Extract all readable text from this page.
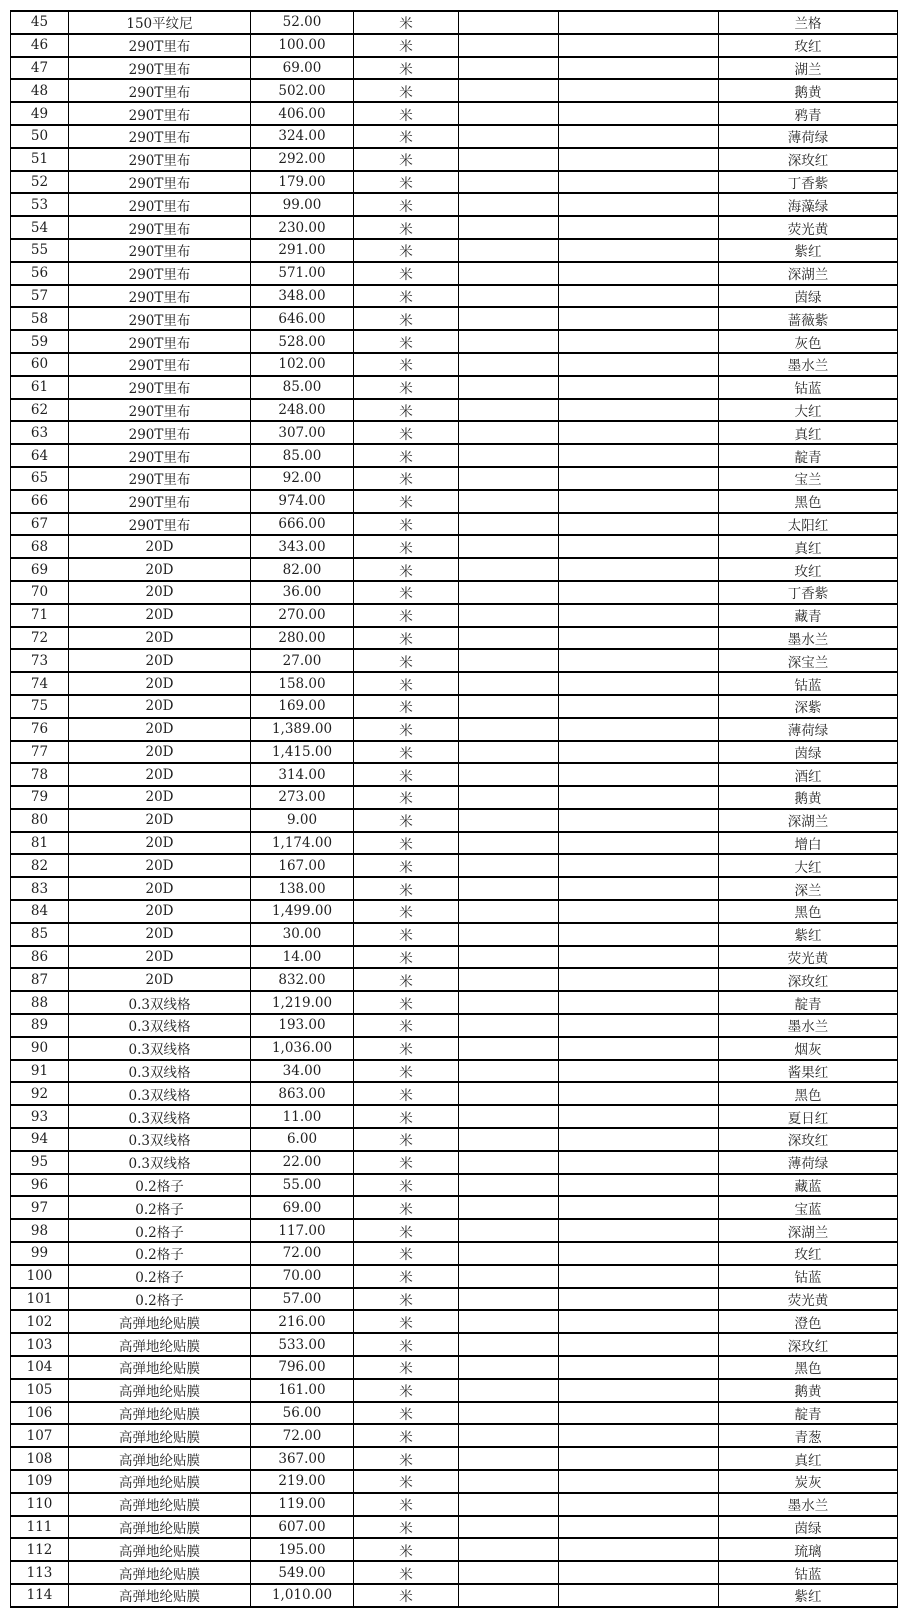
45	150平纹尼	52.00	米			兰格
46	290T里布	100.00	米			玫红
47	290T里布	69.00	米			湖兰
48	290T里布	502.00	米			鹅黄
49	290T里布	406.00	米			鸦青
50	290T里布	324.00	米			薄荷绿
51	290T里布	292.00	米			深玫红
52	290T里布	179.00	米			丁香紫
53	290T里布	99.00	米			海藻绿
54	290T里布	230.00	米			荧光黄
55	290T里布	291.00	米			紫红
56	290T里布	571.00	米			深湖兰
57	290T里布	348.00	米			茵绿
58	290T里布	646.00	米			蔷薇紫
59	290T里布	528.00	米			灰色
60	290T里布	102.00	米			墨水兰
61	290T里布	85.00	米			钴蓝
62	290T里布	248.00	米			大红
63	290T里布	307.00	米			真红
64	290T里布	85.00	米			靛青
65	290T里布	92.00	米			宝兰
66	290T里布	974.00	米			黑色
67	290T里布	666.00	米			太阳红
68	20D	343.00	米			真红
69	20D	82.00	米			玫红
70	20D	36.00	米			丁香紫
71	20D	270.00	米			藏青
72	20D	280.00	米			墨水兰
73	20D	27.00	米			深宝兰
74	20D	158.00	米			钴蓝
75	20D	169.00	米			深紫
76	20D	1,389.00	米			薄荷绿
77	20D	1,415.00	米			茵绿
78	20D	314.00	米			酒红
79	20D	273.00	米			鹅黄
80	20D	9.00	米			深湖兰
81	20D	1,174.00	米			增白
82	20D	167.00	米			大红
83	20D	138.00	米			深兰
84	20D	1,499.00	米			黑色
85	20D	30.00	米			紫红
86	20D	14.00	米			荧光黄
87	20D	832.00	米			深玫红
88	0.3双线格	1,219.00	米			靛青
89	0.3双线格	193.00	米			墨水兰
90	0.3双线格	1,036.00	米			烟灰
91	0.3双线格	34.00	米			酱果红
92	0.3双线格	863.00	米			黑色
93	0.3双线格	11.00	米			夏日红
94	0.3双线格	6.00	米			深玫红
95	0.3双线格	22.00	米			薄荷绿
96	0.2格子	55.00	米			藏蓝
97	0.2格子	69.00	米			宝蓝
98	0.2格子	117.00	米			深湖兰
99	0.2格子	72.00	米			玫红
100	0.2格子	70.00	米			钴蓝
101	0.2格子	57.00	米			荧光黄
102	高弹地纶贴膜	216.00	米			澄色
103	高弹地纶贴膜	533.00	米			深玫红
104	高弹地纶贴膜	796.00	米			黑色
105	高弹地纶贴膜	161.00	米			鹅黄
106	高弹地纶贴膜	56.00	米			靛青
107	高弹地纶贴膜	72.00	米			青葱
108	高弹地纶贴膜	367.00	米			真红
109	高弹地纶贴膜	219.00	米			炭灰
110	高弹地纶贴膜	119.00	米			墨水兰
111	高弹地纶贴膜	607.00	米			茵绿
112	高弹地纶贴膜	195.00	米			琉璃
113	高弹地纶贴膜	549.00	米			钴蓝
114	高弹地纶贴膜	1,010.00	米			紫红
